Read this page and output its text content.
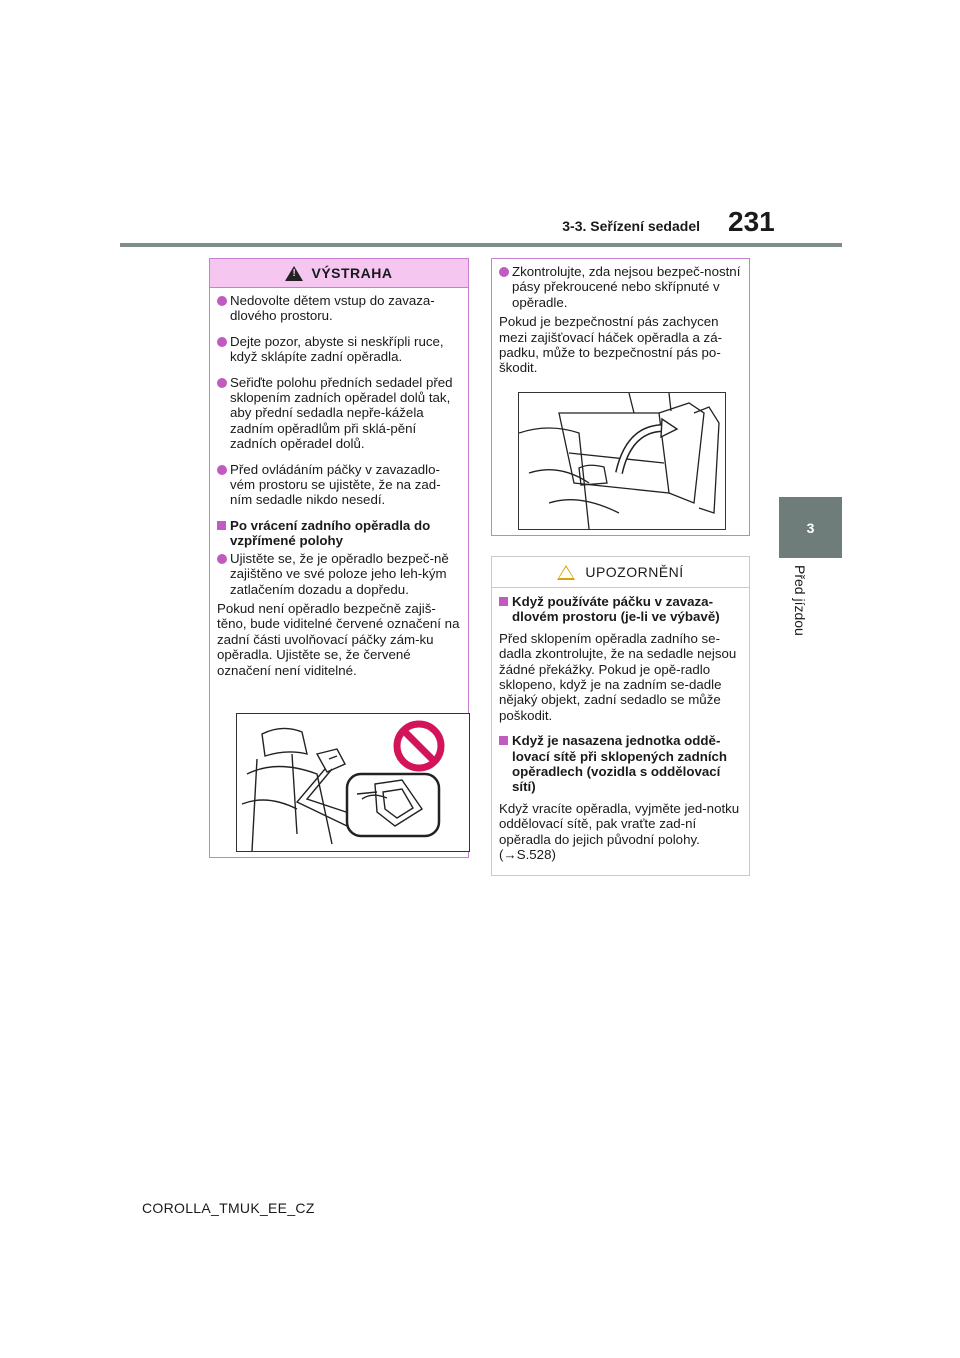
3-3. Seřízení sedadel 231
3
Před jízdou
!
VÝSTRAHA
Nedovolte dětem vstup do zavaza-dlového prostoru.
Dejte pozor, abyste si neskřípli ruce, když sklápíte zadní opěradla.
Seřiďte polohu předních sedadel před sklopením zadních opěradel dolů tak, aby přední sedadla nepře-kážela zadním opěradlům při sklá-pění zadních opěradel dolů.
Před ovládáním páčky v zavazadlo-vém prostoru se ujistěte, že na zad-ním sedadle nikdo nesedí.
Po vrácení zadního opěradla do vzpřímené polohy
Ujistěte se, že je opěradlo bezpeč-ně zajištěno ve své poloze jeho leh-kým zatlačením dozadu a dopředu.
Pokud není opěradlo bezpečně zajiš-těno, bude viditelné červené označení na zadní části uvolňovací páčky zám-ku opěradla. Ujistěte se, že červené označení není viditelné.
Zkontrolujte, zda nejsou bezpeč-nostní pásy překroucené nebo skřípnuté v opěradle.
Pokud je bezpečnostní pás zachycen mezi zajišťovací háček opěradla a zá-padku, může to bezpečnostní pás po-škodit.
UPOZORNĚNÍ
Když používáte páčku v zavaza-dlovém prostoru (je-li ve výbavě)
Před sklopením opěradla zadního se-dadla zkontrolujte, že na sedadle nejsou žádné překážky. Pokud je opě-radlo sklopeno, když je na zadním se-dadle nějaký objekt, zadní sedadlo se může poškodit.
Když je nasazena jednotka oddě-lovací sítě při sklopených zadních opěradlech (vozidla s oddělovací sítí)
Když vracíte opěradla, vyjměte jed-notku oddělovací sítě, pak vraťte zad-ní opěradla do jejich původní polohy.
(→S.528)
COROLLA_TMUK_EE_CZ
